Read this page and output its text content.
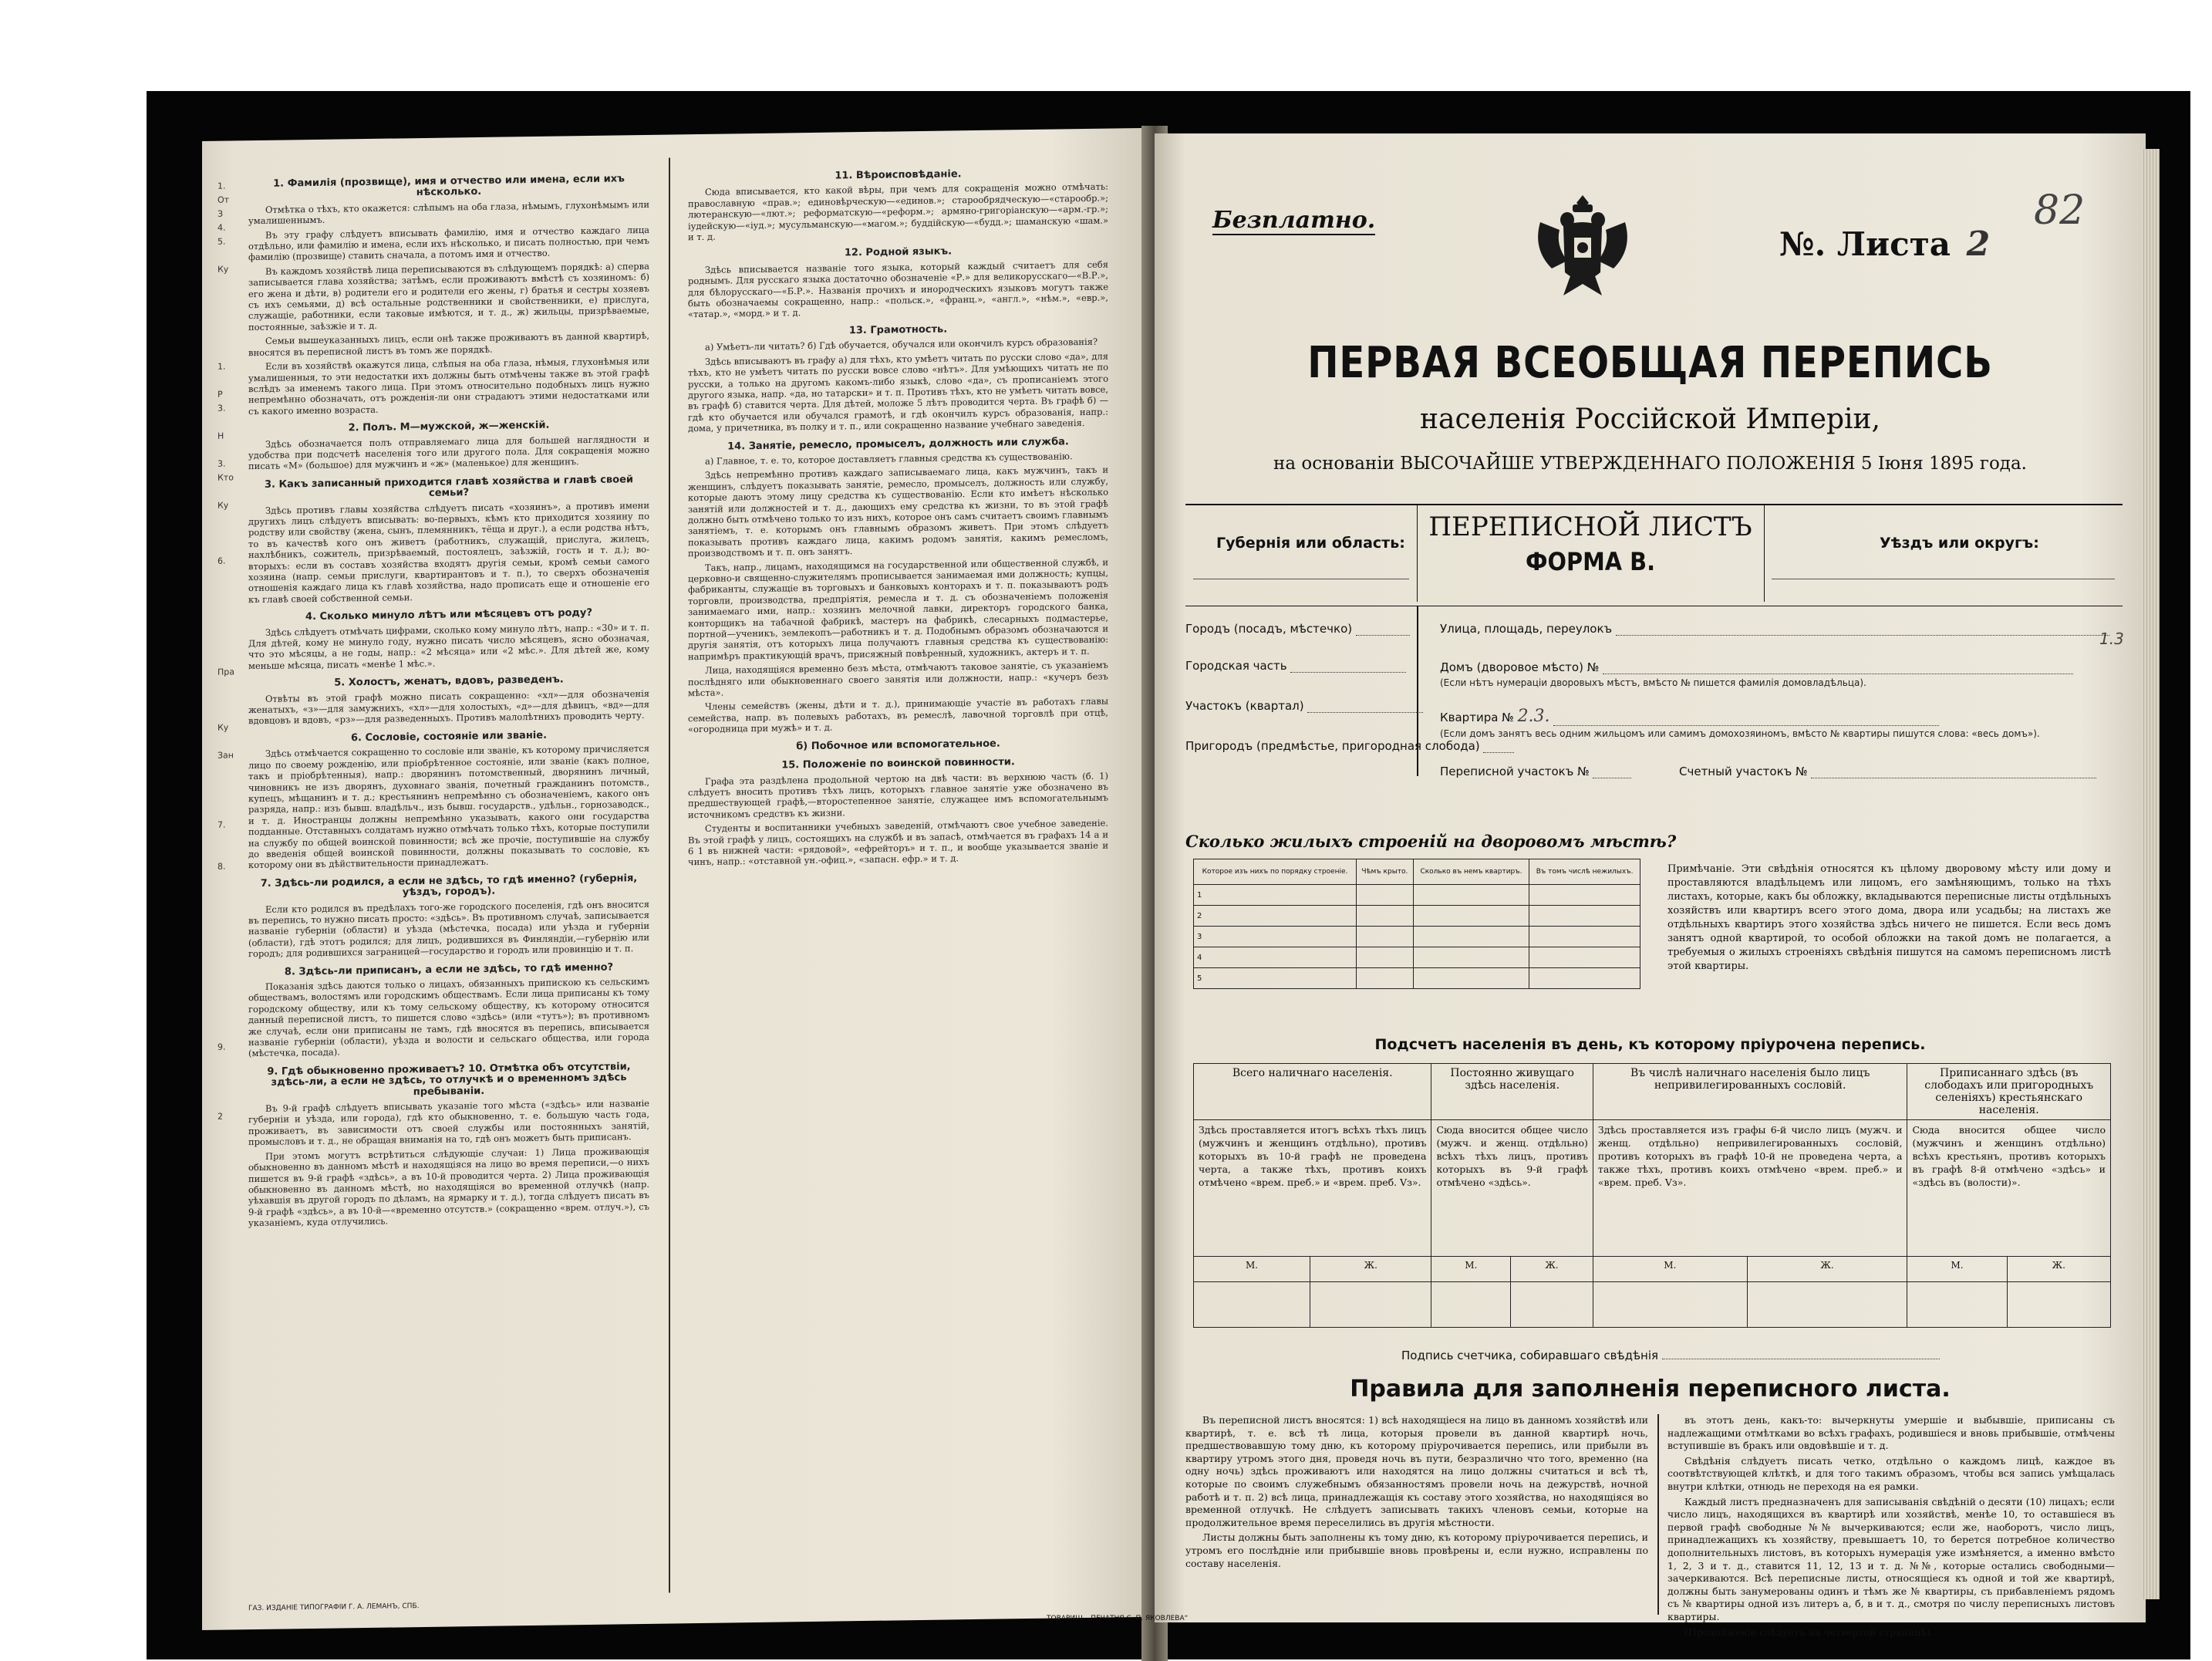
1.
От
З
4.
5.

Ку

1.

Р
3.

Н

3.
Кто

Ку

6.

Пра

Ку

Зан

7.

8.

9.

2
1. Фамилія (прозвище), имя и отчество или имена, если ихъ нѣсколько.

Отмѣтка о тѣхъ, кто окажется: слѣпымъ на оба глаза, нѣмымъ, глухонѣмымъ или умалишеннымъ.

Въ эту графу слѣдуетъ вписывать фамилію, имя и отчество каждаго лица отдѣльно, или фамилію и имена, если ихъ нѣсколько, и писать полностью, при чемъ фамилію (прозвище) ставить сначала, а потомъ имя и отчество.

Въ каждомъ хозяйствѣ лица переписываются въ слѣдующемъ порядкѣ: а) сперва записывается глава хозяйства; затѣмъ, если проживаютъ вмѣстѣ съ хозяиномъ: б) его жена и дѣти, в) родители его и родители его жены, г) братья и сестры хозяевъ съ ихъ семьями, д) всѣ остальные родственники и свойственники, е) прислуга, служащіе, работники, если таковые имѣются, и т. д., ж) жильцы, призрѣваемые, постоянные, заѣзжіе и т. д.

Семьи вышеуказанныхъ лицъ, если онѣ также проживаютъ въ данной квартирѣ, вносятся въ переписной листъ въ томъ же порядкѣ.

Если въ хозяйствѣ окажутся лица, слѣпыя на оба глаза, нѣмыя, глухонѣмыя или умалишенныя, то эти недостатки ихъ должны быть отмѣчены также въ этой графѣ вслѣдъ за именемъ такого лица. При этомъ относительно подобныхъ лицъ нужно непремѣнно обозначать, отъ рожденія-ли они страдаютъ этими недостатками или съ какого именно возраста.

2. Полъ. М—мужской, ж—женскій.

Здѣсь обозначается полъ отправляемаго лица для большей наглядности и удобства при подсчетѣ населенія того или другого пола. Для сокращенія можно писать «М» (большое) для мужчинъ и «ж» (маленькое) для женщинъ.

3. Какъ записанный приходится главѣ хозяйства и главѣ своей семьи?

Здѣсь противъ главы хозяйства слѣдуетъ писать «хозяинъ», а противъ имени другихъ лицъ слѣдуетъ вписывать: во-первыхъ, кѣмъ кто приходится хозяину по родству или свойству (жена, сынъ, племянникъ, тёща и друг.), а если родства нѣтъ, то въ качествѣ кого онъ живетъ (работникъ, служащій, прислуга, жилецъ, нахлѣбникъ, сожитель, призрѣваемый, постоялецъ, заѣзжій, гость и т. д.); во-вторыхъ: если въ составъ хозяйства входятъ другія семьи, кромѣ семьи самого хозяина (напр. семьи прислуги, квартирантовъ и т. п.), то сверхъ обозначенія отношенія каждаго лица къ главѣ хозяйства, надо прописать еще и отношеніе его къ главѣ своей собственной семьи.

4. Сколько минуло лѣтъ или мѣсяцевъ отъ роду?

Здѣсь слѣдуетъ отмѣчать цифрами, сколько кому минуло лѣтъ, напр.: «30» и т. п. Для дѣтей, кому не минуло году, нужно писать число мѣсяцевъ, ясно обозначая, что это мѣсяцы, а не годы, напр.: «2 мѣсяца» или «2 мѣс.». Для дѣтей же, кому меньше мѣсяца, писать «менѣе 1 мѣс.».

5. Холостъ, женатъ, вдовъ, разведенъ.

Отвѣты въ этой графѣ можно писать сокращенно: «хл»—для обозначенія женатыхъ, «з»—для замужнихъ, «хл»—для холостыхъ, «д»—для дѣвицъ, «вд»—для вдовцовъ и вдовъ, «рз»—для разведенныхъ. Противъ малолѣтнихъ проводить черту.

6. Сословіе, состояніе или званіе.

Здѣсь отмѣчается сокращенно то сословіе или званіе, къ которому причисляется лицо по своему рожденію, или пріобрѣтенное состояніе, или званіе (какъ полное, такъ и пріобрѣтенныя), напр.: дворянинъ потомственный, дворянинъ личный, чиновникъ не изъ дворянъ, духовнаго званія, почетный гражданинъ потомств., купецъ, мѣщанинъ и т. д.; крестьянинъ непремѣнно съ обозначеніемъ, какого онъ разряда, напр.: изъ бывш. владѣльч., изъ бывш. государств., удѣльн., горнозаводск., и т. д. Иностранцы должны непремѣнно указывать, какого они государства подданные. Отставныхъ солдатамъ нужно отмѣчать только тѣхъ, которые поступили на службу по общей воинской повинности; всѣ же прочіе, поступившіе на службу до введенія общей воинской повинности, должны показывать то сословіе, къ которому они въ дѣйствительности принадлежатъ.

7. Здѣсь-ли родился, а если не здѣсь, то гдѣ именно? (губернія, уѣздъ, городъ).

Если кто родился въ предѣлахъ того-же городского поселенія, гдѣ онъ вносится въ перепись, то нужно писать просто: «здѣсь». Въ противномъ случаѣ, записывается названіе губерніи (области) и уѣзда (мѣстечка, посада) или уѣзда и губерніи (области), гдѣ этотъ родился; для лицъ, родившихся въ Финляндіи,—губернію или городъ; для родившихся заграницей—государство и городъ или провинцію и т. п.

8. Здѣсь-ли приписанъ, а если не здѣсь, то гдѣ именно?

Показанія здѣсь даются только о лицахъ, обязанныхъ припискою къ сельскимъ обществамъ, волостямъ или городскимъ обществамъ. Если лица приписаны къ тому городскому обществу, или къ тому сельскому обществу, къ которому относится данный переписной листъ, то пишется слово «здѣсь» (или «тутъ»); въ противномъ же случаѣ, если они приписаны не тамъ, гдѣ вносятся въ перепись, вписывается названіе губерніи (области), уѣзда и волости и сельскаго общества, или города (мѣстечка, посада).

9. Гдѣ обыкновенно проживаетъ? 10. Отмѣтка объ отсутствіи, здѣсь-ли, а если не здѣсь, то отлучкѣ и о временномъ здѣсь пребываніи.

Въ 9-й графѣ слѣдуетъ вписывать указаніе того мѣста («здѣсь» или названіе губерніи и уѣзда, или города), гдѣ кто обыкновенно, т. е. большую часть года, проживаетъ, въ зависимости отъ своей службы или постоянныхъ занятій, промысловъ и т. д., не обращая вниманія на то, гдѣ онъ можетъ быть приписанъ.

При этомъ могутъ встрѣтиться слѣдующіе случаи: 1) Лица проживающія обыкновенно въ данномъ мѣстѣ и находящіяся на лицо во время переписи,—о нихъ пишется въ 9-й графѣ «здѣсь», а въ 10-й проводится черта. 2) Лица проживающія обыкновенно въ данномъ мѣстѣ, но находящіяся во временной отлучкѣ (напр. уѣхавшія въ другой городъ по дѣламъ, на ярмарку и т. д.), тогда слѣдуетъ писать въ 9-й графѣ «здѣсь», а въ 10-й—«временно отсутств.» (сокращенно «врем. отлуч.»), съ указаніемъ, куда отлучились.

11. Вѣроисповѣданіе.

Сюда вписывается, кто какой вѣры, при чемъ для сокращенія можно отмѣчать: православную «прав.»; единовѣрческую—«единов.»; старообрядческую—«старообр.»; лютеранскую—«лют.»; реформатскую—«реформ.»; армяно-григоріанскую—«арм.-гр.»; іудейскую—«іуд.»; мусульманскую—«магом.»; буддійскую—«будд.»; шаманскую «шам.» и т. д.

12. Родной языкъ.

Здѣсь вписывается названіе того языка, который каждый считаетъ для себя роднымъ. Для русскаго языка достаточно обозначеніе «Р.» для великорусскаго—«В.Р.», для бѣлорусскаго—«Б.Р.». Названія прочихъ и инородческихъ языковъ могутъ также быть обозначаемы сокращенно, напр.: «польск.», «франц.», «англ.», «нѣм.», «евр.», «татар.», «морд.» и т. д.

13. Грамотность.

а) Умѣетъ-ли читать? б) Гдѣ обучается, обучался или окончилъ курсъ образованія?

Здѣсь вписываютъ въ графу а) для тѣхъ, кто умѣетъ читать по русски слово «да», для тѣхъ, кто не умѣетъ читать по русски вовсе слово «нѣтъ». Для умѣющихъ читать не по русски, а только на другомъ какомъ-либо языкѣ, слово «да», съ прописаніемъ этого другого языка, напр. «да, но татарски» и т. п. Противъ тѣхъ, кто не умѣетъ читать вовсе, въ графѣ б) ставится черта. Для дѣтей, моложе 5 лѣтъ проводится черта. Въ графѣ б) — гдѣ кто обучается или обучался грамотѣ, и гдѣ окончилъ курсъ образованія, напр.: дома, у причетника, въ полку и т. п., или сокращенно название учебнаго заведенія.

14. Занятіе, ремесло, промыселъ, должность или служба.

а) Главное, т. е. то, которое доставляетъ главныя средства къ существованію.

Здѣсь непремѣнно противъ каждаго записываемаго лица, какъ мужчинъ, такъ и женщинъ, слѣдуетъ показывать занятіе, ремесло, промыселъ, должность или службу, которые даютъ этому лицу средства къ существованію. Если кто имѣетъ нѣсколько занятій или должностей и т. д., дающихъ ему средства къ жизни, то въ этой графѣ должно быть отмѣчено только то изъ нихъ, которое онъ самъ считаетъ своимъ главнымъ занятіемъ, т. е. которымъ онъ главнымъ образомъ живетъ. При этомъ слѣдуетъ показывать противъ каждаго лица, какимъ родомъ занятія, какимъ ремесломъ, производствомъ и т. п. онъ занятъ.

Такъ, напр., лицамъ, находящимся на государственной или общественной службѣ, и церковно-и священно-служителямъ прописывается занимаемая ими должность; купцы, фабриканты, служащіе въ торговыхъ и банковыхъ конторахъ и т. п. показываютъ родъ торговли, производства, предпріятія, ремесла и т. д. съ обозначеніемъ положенія занимаемаго ими, напр.: хозяинъ мелочной лавки, директоръ городского банка, конторщикъ на табачной фабрикѣ, мастеръ на фабрикѣ, слесарныхъ подмастерье, портной—ученикъ, землекопъ—работникъ и т. д. Подобнымъ образомъ обозначаются и другія занятія, отъ которыхъ лица получаютъ главныя средства къ существованію: напримѣръ практикующій врачъ, присяжный повѣренный, художникъ, актеръ и т. п.

Лица, находящіяся временно безъ мѣста, отмѣчаютъ таковое занятіе, съ указаніемъ послѣдняго или обыкновеннаго своего занятія или должности, напр.: «кучеръ безъ мѣста».

Члены семействъ (жены, дѣти и т. д.), принимающіе участіе въ работахъ главы семейства, напр. въ полевыхъ работахъ, въ ремеслѣ, лавочной торговлѣ при отцѣ, «огородница при мужѣ» и т. д.

б) Побочное или вспомогательное.
15. Положеніе по воинской повинности.

Графа эта раздѣлена продольной чертою на двѣ части: въ верхнюю часть (б. 1) слѣдуетъ вносить противъ тѣхъ лицъ, которыхъ главное занятіе уже обозначено въ предшествующей графѣ,—второстепенное занятіе, служащее имъ вспомогательнымъ источникомъ средствъ къ жизни.

Студенты и воспитанники учебныхъ заведеній, отмѣчаютъ свое учебное заведеніе. Въ этой графѣ у лицъ, состоящихъ на службѣ и въ запасѣ, отмѣчается въ графахъ 14 а и 6 1 въ нижней части: «рядовой», «ефрейторъ» и т. п., и вообще указывается званіе и чинъ, напр.: «отставной ун.-офиц.», «запасн. ефр.» и т. д.

ГАЗ. ИЗДАНІЕ ТИПОГРАФІИ Г. А. ЛЕМАНЪ, СПБ.
ТОВАРИЩ. „ПЕЧАТНЯ С. П. ЯКОВЛЕВА“
Безплатно.
№. Листа 2
82
ПЕРВАЯ ВСЕОБЩАЯ ПЕРЕПИСЬ
населенія Россійской Имперіи,
на основаніи ВЫСОЧАЙШЕ УТВЕРЖДЕННАГО ПОЛОЖЕНІЯ 5 Іюня 1895 года.
Губернія или область:
ПЕРЕПИСНОЙ ЛИСТЪ
ФОРМА В.
Уѣздъ или округъ:
Городъ (посадъ, мѣстечко)
Городская часть
Участокъ (квартал)
Пригородъ (предмѣстье, пригородная слобода)
Улица, площадь, переулокъ
Домъ (дворовое мѣсто) №
(Если нѣтъ нумераціи дворовыхъ мѣстъ, вмѣсто № пишется фамилія домовладѣльца).
Квартира № 2.3.
(Если домъ занятъ весь одним жильцомъ или самимъ домохозяиномъ, вмѣсто № квартиры пишутся слова: «весь домъ»).
Переписной участокъ №	Счетный участокъ №
1.3
Сколько жилыхъ строеній на дворовомъ мѣстѣ?
Которое изъ нихъ по порядку строеніе.	Чѣмъ крыто.	Сколько въ немъ квартиръ.	Въ томъ числѣ нежилыхъ.
1			
2			
3			
4			
5			
Примѣчаніе. Эти свѣдѣнія относятся къ цѣлому дворовому мѣсту или дому и проставляются владѣльцемъ или лицомъ, его замѣняющимъ, только на тѣхъ листахъ, которые, какъ бы обложку, вкладываются переписные листы отдѣльныхъ хозяйствъ или квартиръ всего этого дома, двора или усадьбы; на листахъ же отдѣльныхъ квартиръ этого хозяйства здѣсь ничего не пишется. Если весь домъ занятъ одной квартирой, то особой обложки на такой домъ не полагается, а требуемыя о жилыхъ строеніяхъ свѣдѣнія пишутся на самомъ переписномъ листѣ этой квартиры.
Подсчетъ населенія въ день, къ которому пріурочена перепись.
Всего наличнаго населенія.		Постоянно живущаго здѣсь населенія.		Въ числѣ наличнаго населенія было лицъ непривилегированныхъ сословій.		Приписаннаго здѣсь (въ слободахъ или пригородныхъ селеніяхъ) крестьянскаго населенія.	
Здѣсь проставляется итогъ всѣхъ тѣхъ лицъ (мужчинъ и женщинъ отдѣльно), противъ которыхъ въ 10-й графѣ не проведена черта, а также тѣхъ, противъ коихъ отмѣчено «врем. преб.» и «врем. преб. Vз».		Сюда вносится общее число (мужч. и женщ. отдѣльно) всѣхъ тѣхъ лицъ, противъ которыхъ въ 9-й графѣ отмѣчено «здѣсь».		Здѣсь проставляется изъ графы 6-й число лицъ (мужч. и женщ. отдѣльно) непривилегированныхъ сословій, противъ которыхъ въ графѣ 10-й не проведена черта, а также тѣхъ, противъ коихъ отмѣчено «врем. преб.» и «врем. преб. Vз».		Сюда вносится общее число (мужчинъ и женщинъ отдѣльно) всѣхъ крестьянъ, противъ которыхъ въ графѣ 8-й отмѣчено «здѣсь» и «здѣсь въ (волости)».	
М.	Ж.	М.	Ж.	М.	Ж.	М.	Ж.

Подпись счетчика, собиравшаго свѣдѣнія
Правила для заполненія переписного листа.

Въ переписной листъ вносятся: 1) всѣ находящіеся на лицо въ данномъ хозяйствѣ или квартирѣ, т. е. всѣ тѣ лица, которыя провели въ данной квартирѣ ночь, предшествовавшую тому дню, къ которому пріурочивается перепись, или прибыли въ квартиру утромъ этого дня, проведя ночь въ пути, безразлично что того, временно (на одну ночь) здѣсь проживаютъ или находятся на лицо должны считаться и всѣ тѣ, которые по своимъ служебнымъ обязанностямъ провели ночь на дежурствѣ, ночной работѣ и т. п. 2) всѣ лица, принадлежащія къ составу этого хозяйства, но находящіяся во временной отлучкѣ. Не слѣдуетъ записывать такихъ членовъ семьи, которые на продолжительное время переселились въ другія мѣстности.

Листы должны быть заполнены къ тому дню, къ которому пріурочивается перепись, и утромъ его послѣдніе или прибывшіе вновь провѣрены и, если нужно, исправлены по составу населенія.

въ этотъ день, какъ-то: вычеркнуты умершіе и выбывшіе, приписаны съ надлежащими отмѣтками во всѣхъ графахъ, родившіеся и вновь прибывшіе, отмѣчены вступившіе въ бракъ или овдовѣвшіе и т. д.

Свѣдѣнія слѣдуетъ писать четко, отдѣльно о каждомъ лицѣ, каждое въ соотвѣтствующей клѣткѣ, и для того такимъ образомъ, чтобы вся запись умѣщалась внутри клѣтки, отнюдь не переходя на ея рамки.

Каждый листъ предназначенъ для записыванія свѣдѣній о десяти (10) лицахъ; если число лицъ, находящихся въ квартирѣ или хозяйствѣ, менѣе 10, то оставшіеся въ первой графѣ свободные №№ вычеркиваются; если же, наоборотъ, число лицъ, принадлежащихъ къ хозяйству, превышаетъ 10, то берется потребное количество дополнительныхъ листовъ, въ которыхъ нумерація уже измѣняется, а именно вмѣсто 1, 2, 3 и т. д., ставится 11, 12, 13 и т. д. №№, которые остались свободными—зачеркиваются. Всѣ переписные листы, относящіеся къ одной и той же квартирѣ, должны быть занумерованы одинъ и тѣмъ же № квартиры, съ прибавленіемъ рядомъ съ № квартиры одной изъ литеръ а, б, в и т. д., смотря по числу переписныхъ листовъ квартиры.

(Продолженіе слѣдуетъ на четвертой страницѣ).
